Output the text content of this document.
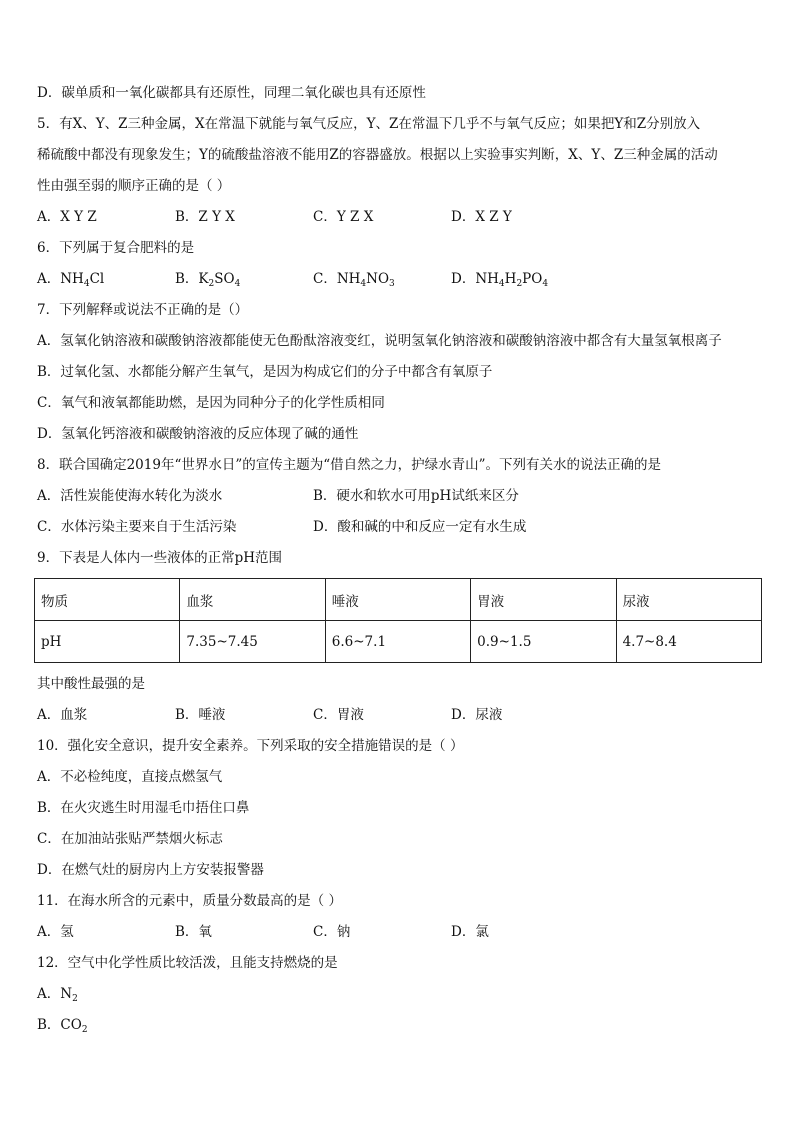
D．碳单质和一氧化碳都具有还原性，同理二氧化碳也具有还原性
5．有X、Y、Z三种金属，X在常温下就能与氧气反应，Y、Z在常温下几乎不与氧气反应；如果把Y和Z分别放入
稀硫酸中都没有现象发生；Y的硫酸盐溶液不能用Z的容器盛放。根据以上实验事实判断，X、Y、Z三种金属的活动
性由强至弱的顺序正确的是（ ）
A．X Y Z	B．Z Y X	C．Y Z X	D．X Z Y
6．下列属于复合肥料的是
A．$NH_4Cl$	B．$K_2SO_4$	C．$NH_4NO_3$	D．$NH_4H_2PO_4$
7．下列解释或说法不正确的是（）
A．氢氧化钠溶液和碳酸钠溶液都能使无色酚酞溶液变红，说明氢氧化钠溶液和碳酸钠溶液中都含有大量氢氧根离子
B．过氧化氢、水都能分解产生氧气，是因为构成它们的分子中都含有氧原子
C．氧气和液氧都能助燃，是因为同种分子的化学性质相同
D．氢氧化钙溶液和碳酸钠溶液的反应体现了碱的通性
8．联合国确定2019年“世界水日”的宣传主题为“借自然之力，护绿水青山”。下列有关水的说法正确的是
A．活性炭能使海水转化为淡水	B．硬水和软水可用pH试纸来区分
C．水体污染主要来自于生活污染	D．酸和碱的中和反应一定有水生成
9．下表是人体内一些液体的正常pH范围
物质	血浆	唾液	胃液	尿液
pH	7.35~7.45	6.6~7.1	0.9~1.5	4.7~8.4
其中酸性最强的是
A．血浆	B．唾液	C．胃液	D．尿液
10．强化安全意识，提升安全素养。下列采取的安全措施错误的是（ ）
A．不必检纯度，直接点燃氢气
B．在火灾逃生时用湿毛巾捂住口鼻
C．在加油站张贴严禁烟火标志
D．在燃气灶的厨房内上方安装报警器
11．在海水所含的元素中，质量分数最高的是（ ）
A．氢	B．氧	C．钠	D．氯
12．空气中化学性质比较活泼，且能支持燃烧的是
A．$N_2$
B．$CO_2$
